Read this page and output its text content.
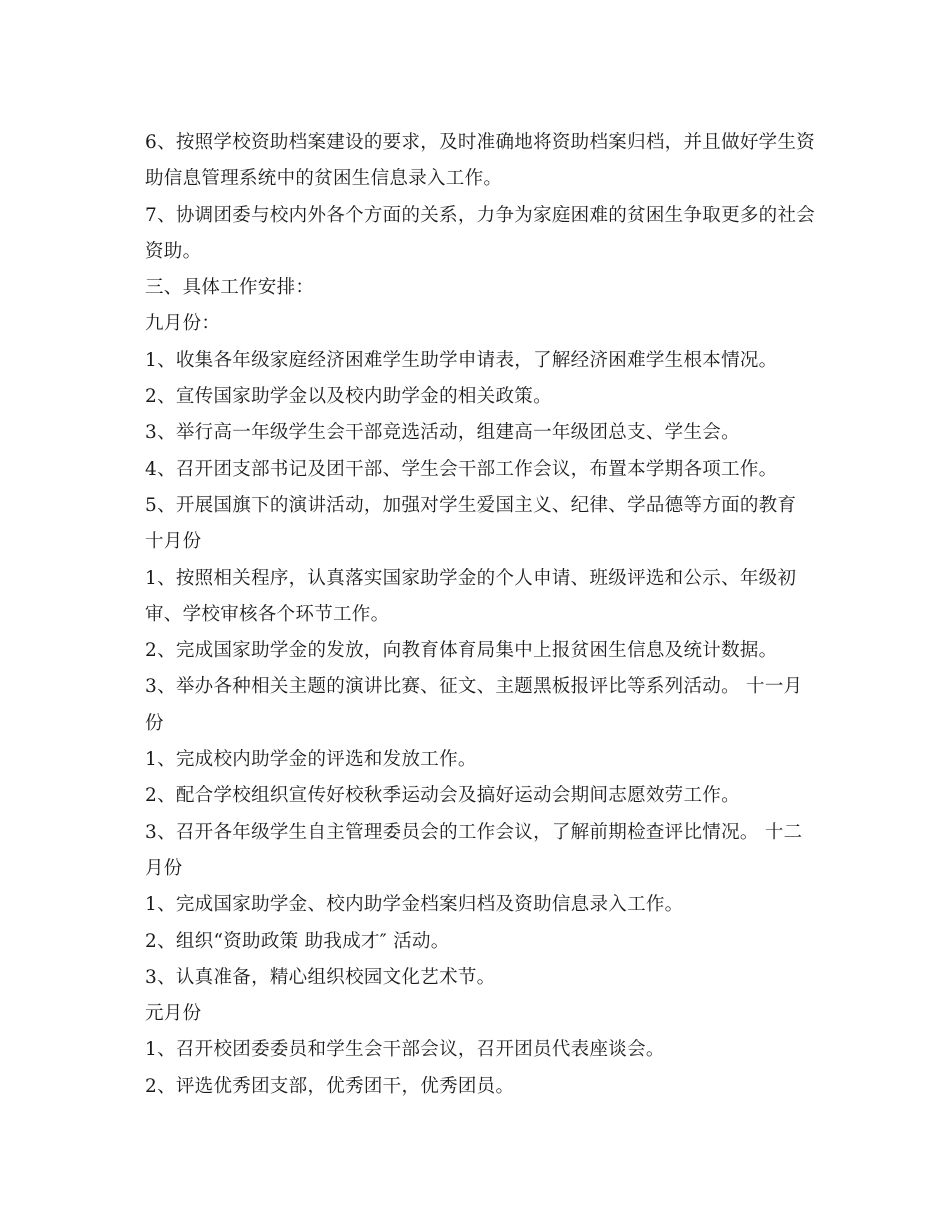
6、按照学校资助档案建设的要求，及时准确地将资助档案归档，并且做好学生资
助信息管理系统中的贫困生信息录入工作。
7、协调团委与校内外各个方面的关系，力争为家庭困难的贫困生争取更多的社会
资助。
三、具体工作安排：
九月份：
1、收集各年级家庭经济困难学生助学申请表，了解经济困难学生根本情况。
2、宣传国家助学金以及校内助学金的相关政策。
3、举行高一年级学生会干部竞选活动，组建高一年级团总支、学生会。
4、召开团支部书记及团干部、学生会干部工作会议，布置本学期各项工作。
5、开展国旗下的演讲活动，加强对学生爱国主义、纪律、学品德等方面的教育
十月份
1、按照相关程序，认真落实国家助学金的个人申请、班级评选和公示、年级初
审、学校审核各个环节工作。
2、完成国家助学金的发放，向教育体育局集中上报贫困生信息及统计数据。
3、举办各种相关主题的演讲比赛、征文、主题黑板报评比等系列活动。 十一月
份
1、完成校内助学金的评选和发放工作。
2、配合学校组织宣传好校秋季运动会及搞好运动会期间志愿效劳工作。
3、召开各年级学生自主管理委员会的工作会议，了解前期检查评比情况。 十二
月份
1、完成国家助学金、校内助学金档案归档及资助信息录入工作。
2、组织“资助政策 助我成才″ 活动。
3、认真准备，精心组织校园文化艺术节。
元月份
1、召开校团委委员和学生会干部会议，召开团员代表座谈会。
2、评选优秀团支部，优秀团干，优秀团员。
